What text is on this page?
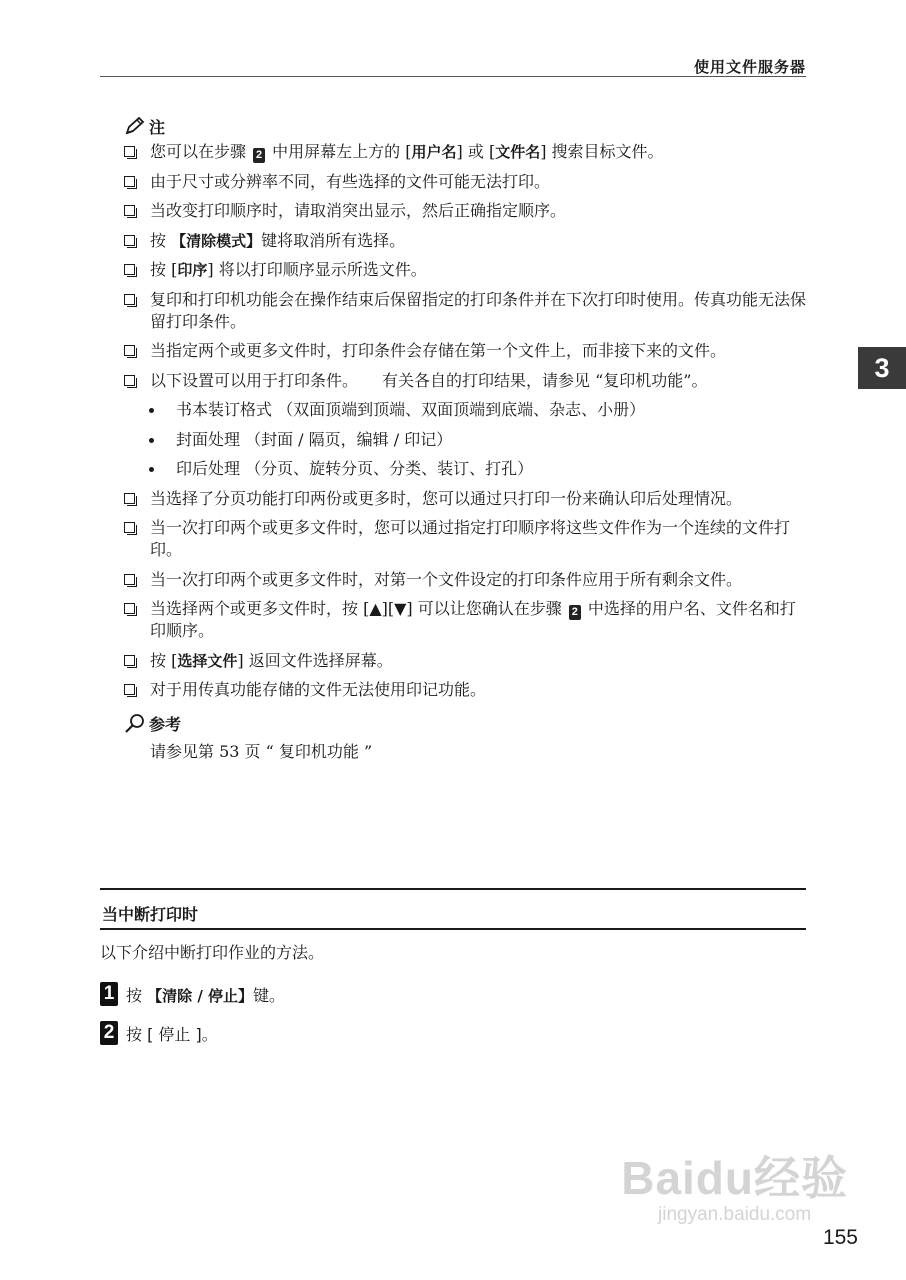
使用文件服务器
3
注
您可以在步骤 2 中用屏幕左上方的 [用户名] 或 [文件名] 搜索目标文件。
由于尺寸或分辨率不同，有些选择的文件可能无法打印。
当改变打印顺序时，请取消突出显示，然后正确指定顺序。
按 【清除模式】键将取消所有选择。
按 [印序] 将以打印顺序显示所选文件。
复印和打印机功能会在操作结束后保留指定的打印条件并在下次打印时使用。传真功能无法保留打印条件。
当指定两个或更多文件时，打印条件会存储在第一个文件上，而非接下来的文件。
以下设置可以用于打印条件。　　有关各自的打印结果，请参见 “复印机功能”。
书本装订格式 （双面顶端到顶端、双面顶端到底端、杂志、小册）
封面处理 （封面 / 隔页，编辑 / 印记）
印后处理 （分页、旋转分页、分类、装订、打孔）
当选择了分页功能打印两份或更多时，您可以通过只打印一份来确认印后处理情况。
当一次打印两个或更多文件时，您可以通过指定打印顺序将这些文件作为一个连续的文件打印。
当一次打印两个或更多文件时，对第一个文件设定的打印条件应用于所有剩余文件。
当选择两个或更多文件时，按 [▲][▼] 可以让您确认在步骤 2 中选择的用户名、文件名和打印顺序。
按 [选择文件] 返回文件选择屏幕。
对于用传真功能存储的文件无法使用印记功能。
参考
请参见第 53 页 “ 复印机功能 ”
当中断打印时
以下介绍中断打印作业的方法。
1 按 【清除 / 停止】键。
2 按 [ 停止 ]。
Baidu经验
jingyan.baidu.com
155
